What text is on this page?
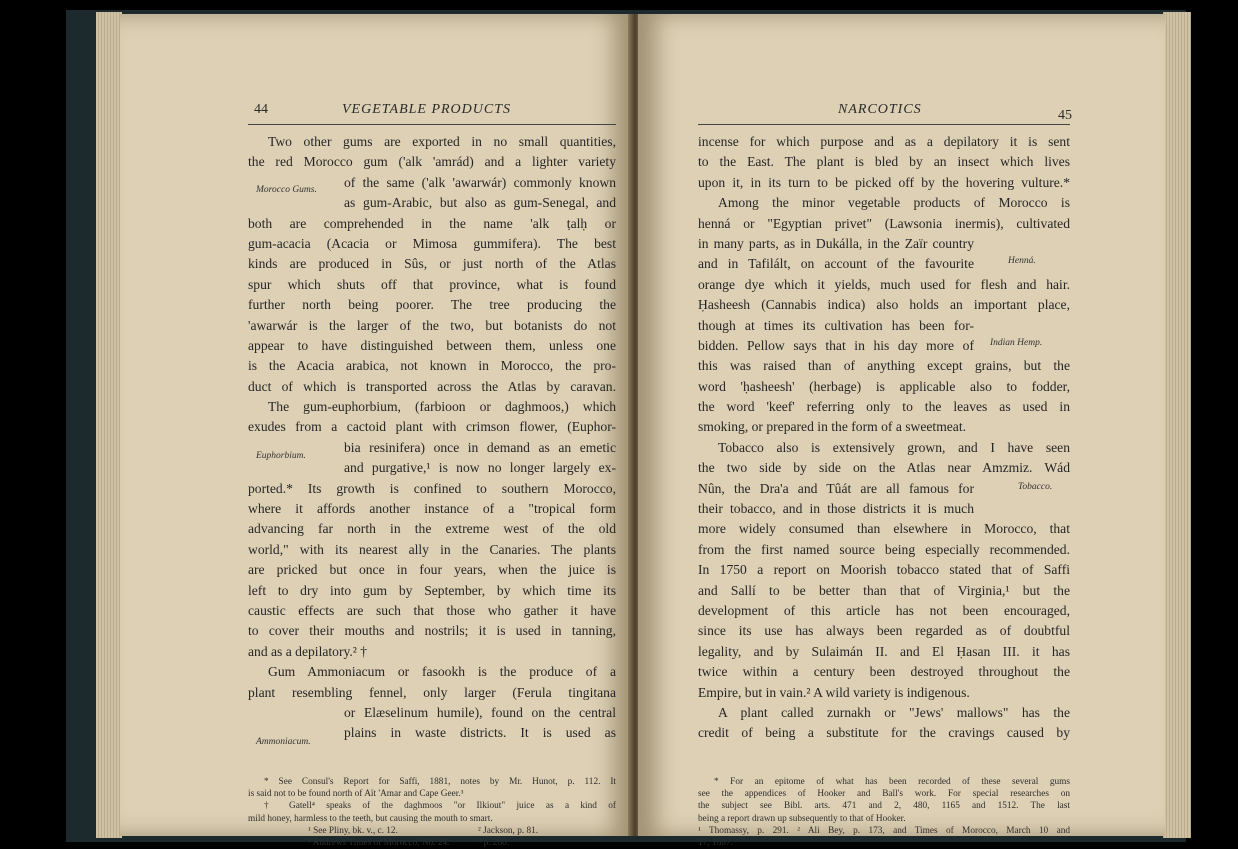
44	VEGETABLE PRODUCTS
Two other gums are exported in no small quantities,
the red Morocco gum ('alk 'amrád) and a lighter variety
of the same ('alk 'awarwár) commonly known
as gum-Arabic, but also as gum-Senegal, and
both are comprehended in the name 'alk ṭalḥ or
gum-acacia (Acacia or Mimosa gummifera). The best
kinds are produced in Sûs, or just north of the Atlas
spur which shuts off that province, what is found
further north being poorer. The tree producing the
'awarwár is the larger of the two, but botanists do not
appear to have distinguished between them, unless one
is the Acacia arabica, not known in Morocco, the pro-
duct of which is transported across the Atlas by caravan.
The gum-euphorbium, (farbioon or daghmoos,) which
exudes from a cactoid plant with crimson flower, (Euphor-
bia resinifera) once in demand as an emetic
and purgative,¹ is now no longer largely ex-
ported.* Its growth is confined to southern Morocco,
where it affords another instance of a "tropical form
advancing far north in the extreme west of the old
world," with its nearest ally in the Canaries. The plants
are pricked but once in four years, when the juice is
left to dry into gum by September, by which time its
caustic effects are such that those who gather it have
to cover their mouths and nostrils; it is used in tanning,
and as a depilatory.² †
Gum Ammoniacum or fasookh is the produce of a
plant resembling fennel, only larger (Ferula tingitana
or Elæselinum humile), found on the central
plains in waste districts. It is used as
Morocco Gums.
Euphorbium.
Ammoniacum.
* See Consul's Report for Saffi, 1881, notes by Mr. Hunot, p. 112. It
is said not to be found north of Aït 'Amar and Cape Geer.³
† Gatell⁴ speaks of the daghmoos "or Ilkiout" juice as a kind of
mild honey, harmless to the teeth, but causing the mouth to smart.
¹ See Pliny, bk. v., c. 12.	² Jackson, p. 81.
³ Andrews Times of Morocco, No. 24.	⁴ p. 260.
NARCOTICS	45
incense for which purpose and as a depilatory it is sent
to the East. The plant is bled by an insect which lives
upon it, in its turn to be picked off by the hovering vulture.*
Among the minor vegetable products of Morocco is
henná or "Egyptian privet" (Lawsonia inermis), cultivated
in many parts, as in Dukálla, in the Zaïr country
and in Tafilált, on account of the favourite
orange dye which it yields, much used for flesh and hair.
Ḥasheesh (Cannabis indica) also holds an important place,
though at times its cultivation has been for-
bidden. Pellow says that in his day more of
this was raised than of anything except grains, but the
word 'ḥasheesh' (herbage) is applicable also to fodder,
the word 'keef' referring only to the leaves as used in
smoking, or prepared in the form of a sweetmeat.
Tobacco also is extensively grown, and I have seen
the two side by side on the Atlas near Amzmiz. Wád
Nûn, the Dra'a and Tûát are all famous for
their tobacco, and in those districts it is much
more widely consumed than elsewhere in Morocco, that
from the first named source being especially recommended.
In 1750 a report on Moorish tobacco stated that of Saffi
and Sallí to be better than that of Virginia,¹ but the
development of this article has not been encouraged,
since its use has always been regarded as of doubtful
legality, and by Sulaimán II. and El Ḥasan III. it has
twice within a century been destroyed throughout the
Empire, but in vain.² A wild variety is indigenous.
A plant called zurnakh or "Jews' mallows" has the
credit of being a substitute for the cravings caused by
Henná.
Indian Hemp.
Tobacco.
* For an epitome of what has been recorded of these several gums
see the appendices of Hooker and Ball's work. For special researches on
the subject see Bibl. arts. 471 and 2, 480, 1165 and 1512. The last
being a report drawn up subsequently to that of Hooker.
¹ Thomassy, p. 291. ² Ali Bey, p. 173, and Times of Morocco, March 10 and
17, 1887.
